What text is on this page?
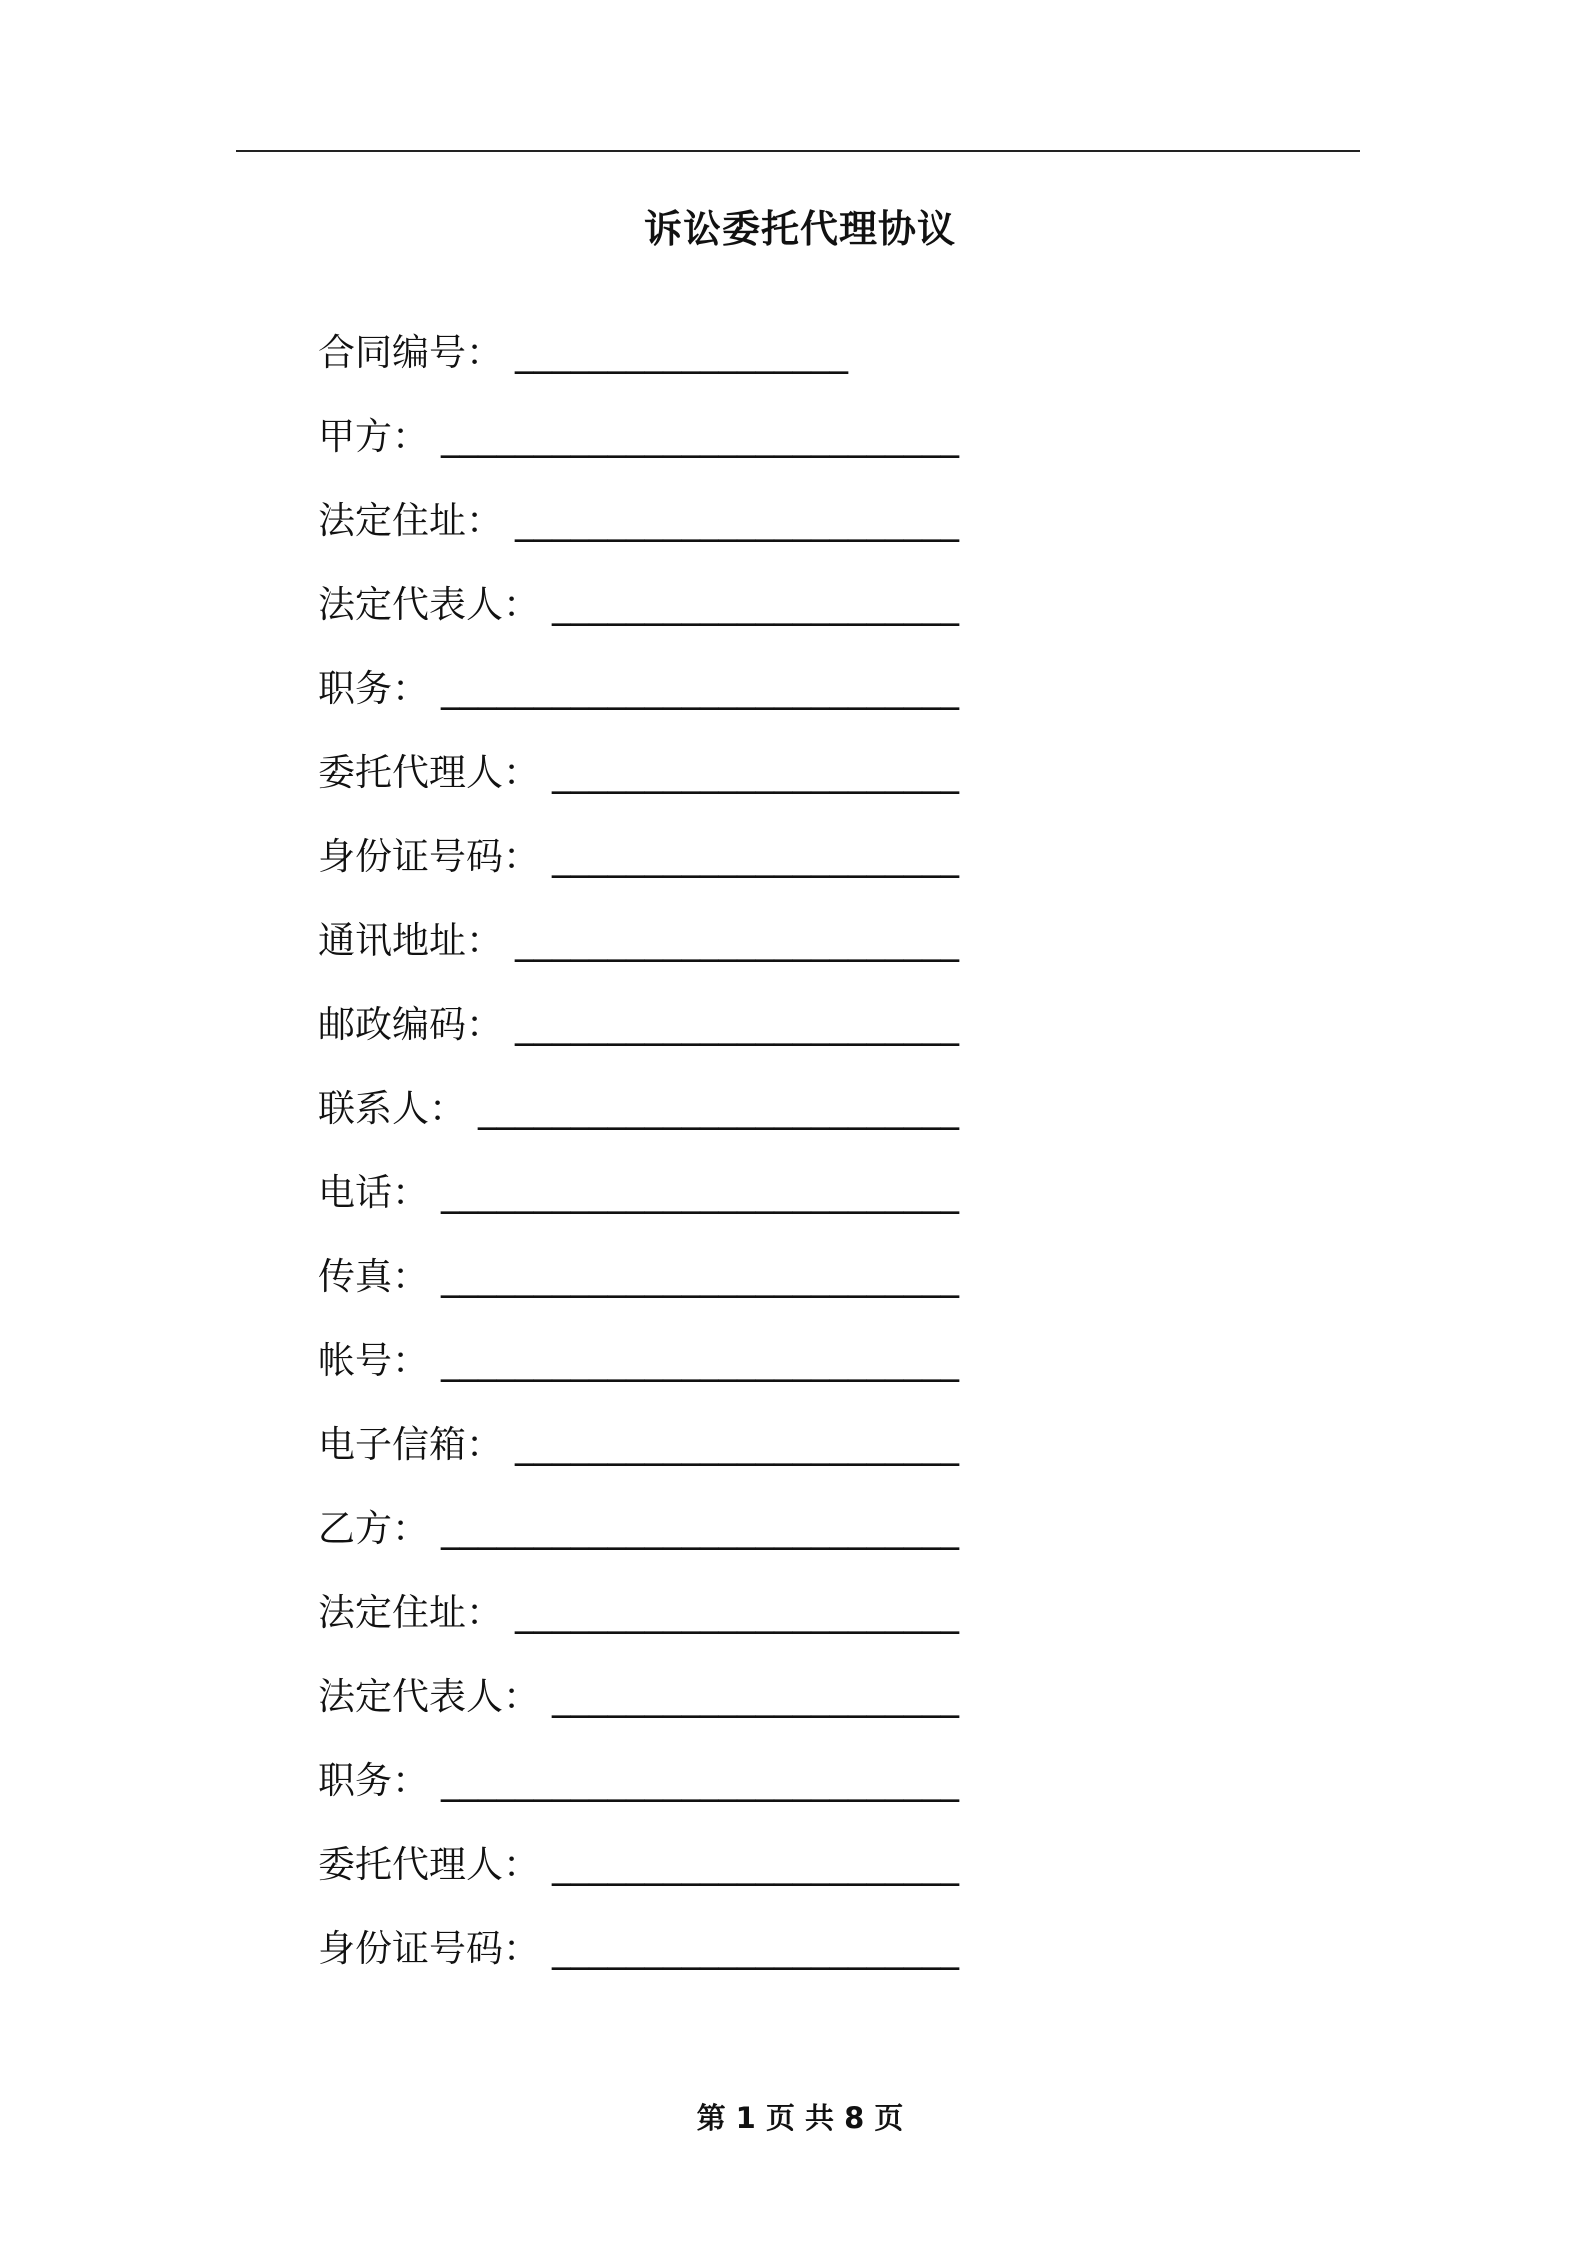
诉讼委托代理协议
合同编号： __________________
甲方： ____________________________
法定住址： ________________________
法定代表人： ______________________
职务： ____________________________
委托代理人： ______________________
身份证号码： ______________________
通讯地址： ________________________
邮政编码： ________________________
联系人： __________________________
电话： ____________________________
传真： ____________________________
帐号： ____________________________
电子信箱： ________________________
乙方： ____________________________
法定住址： ________________________
法定代表人： ______________________
职务： ____________________________
委托代理人： ______________________
身份证号码： ______________________
第 1 页 共 8 页
